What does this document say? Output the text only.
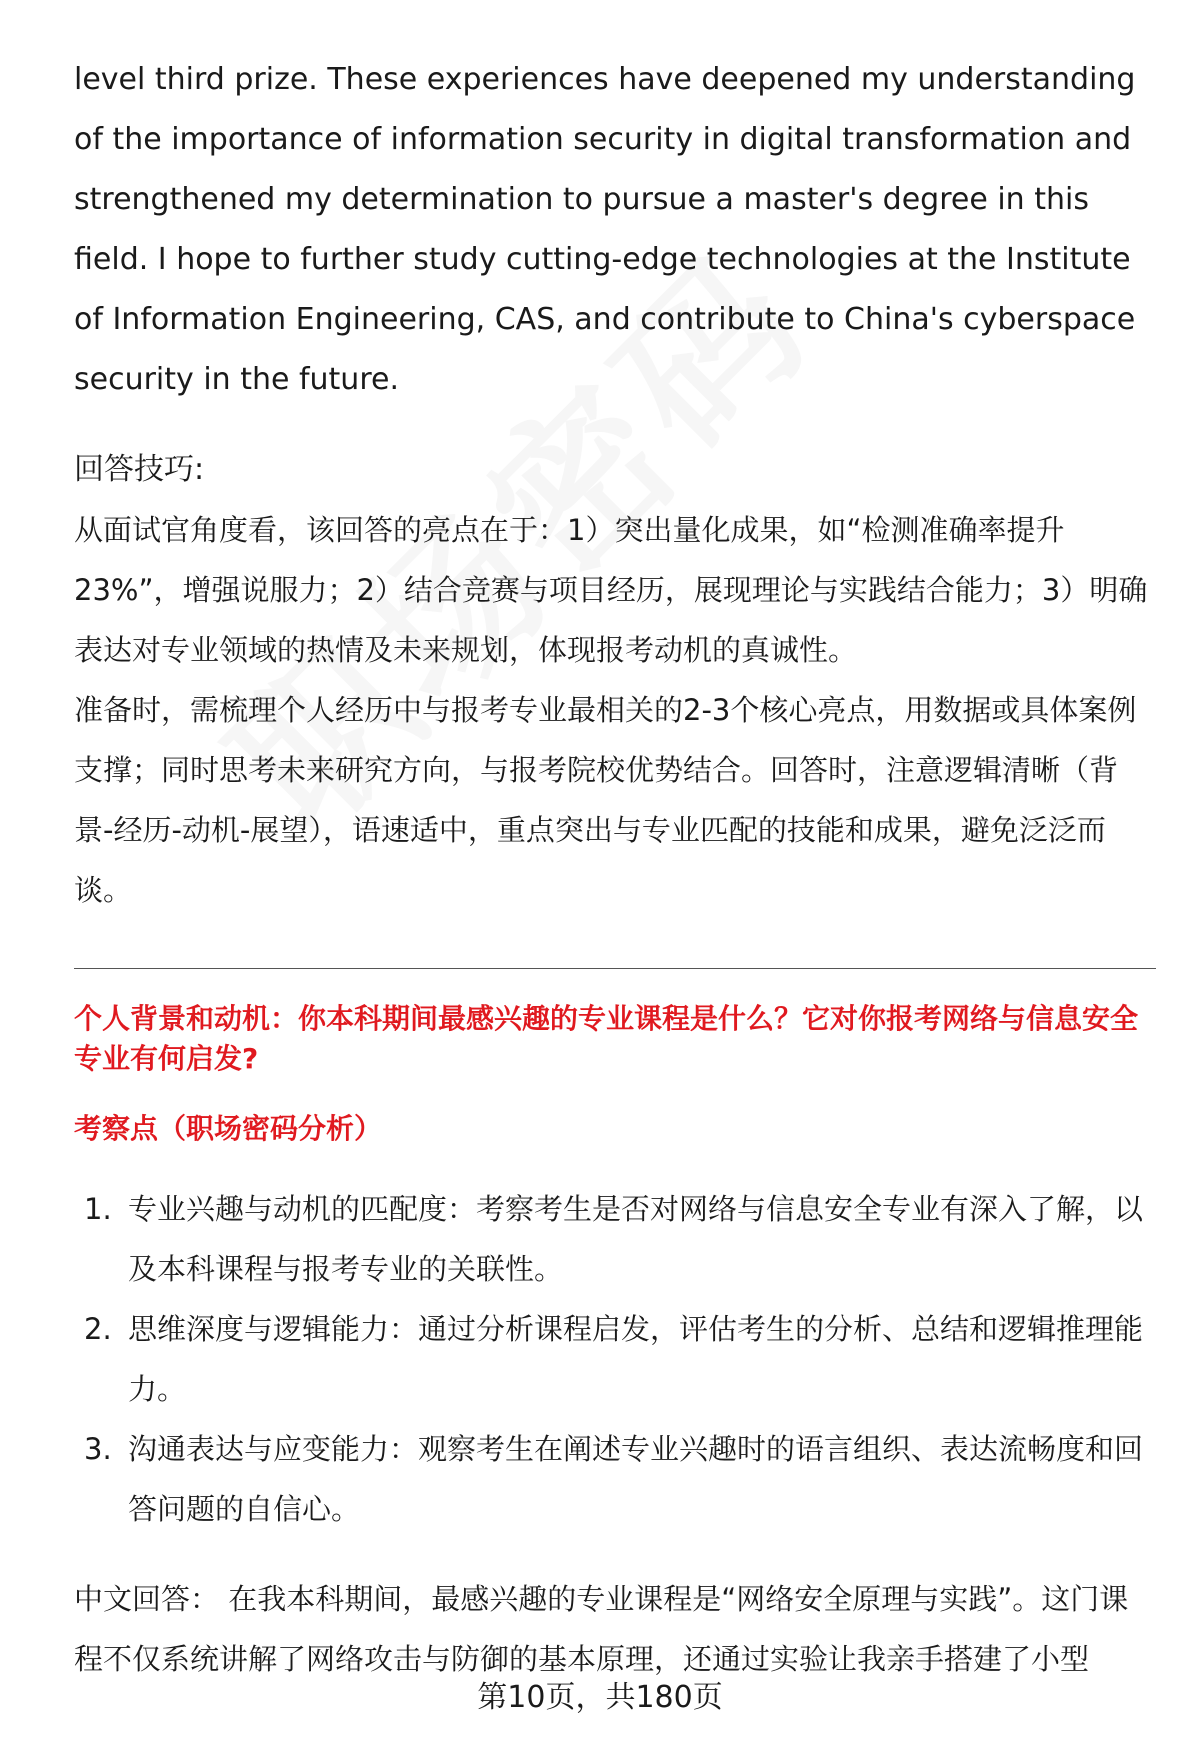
level third prize. These experiences have deepened my understanding of the importance of information security in digital transformation and strengthened my determination to pursue a master's degree in this field. I hope to further study cutting-edge technologies at the Institute of Information Engineering, CAS, and contribute to China's cyberspace security in the future.

回答技巧:

从面试官角度看，该回答的亮点在于：1）突出量化成果，如“检测准确率提升23%”，增强说服力；2）结合竞赛与项目经历，展现理论与实践结合能力；3）明确表达对专业领域的热情及未来规划，体现报考动机的真诚性。

准备时，需梳理个人经历中与报考专业最相关的2-3个核心亮点，用数据或具体案例支撑；同时思考未来研究方向，与报考院校优势结合。回答时，注意逻辑清晰（背景-经历-动机-展望），语速适中，重点突出与专业匹配的技能和成果，避免泛泛而谈。

个人背景和动机：你本科期间最感兴趣的专业课程是什么？它对你报考网络与信息安全专业有何启发?

考察点（职场密码分析）

1. 专业兴趣与动机的匹配度：考察考生是否对网络与信息安全专业有深入了解，以及本科课程与报考专业的关联性。
2. 思维深度与逻辑能力：通过分析课程启发，评估考生的分析、总结和逻辑推理能力。
3. 沟通表达与应变能力：观察考生在阐述专业兴趣时的语言组织、表达流畅度和回答问题的自信心。

中文回答： 在我本科期间，最感兴趣的专业课程是“网络安全原理与实践”。这门课程不仅系统讲解了网络攻击与防御的基本原理，还通过实验让我亲手搭建了小型

第10页，共180页
